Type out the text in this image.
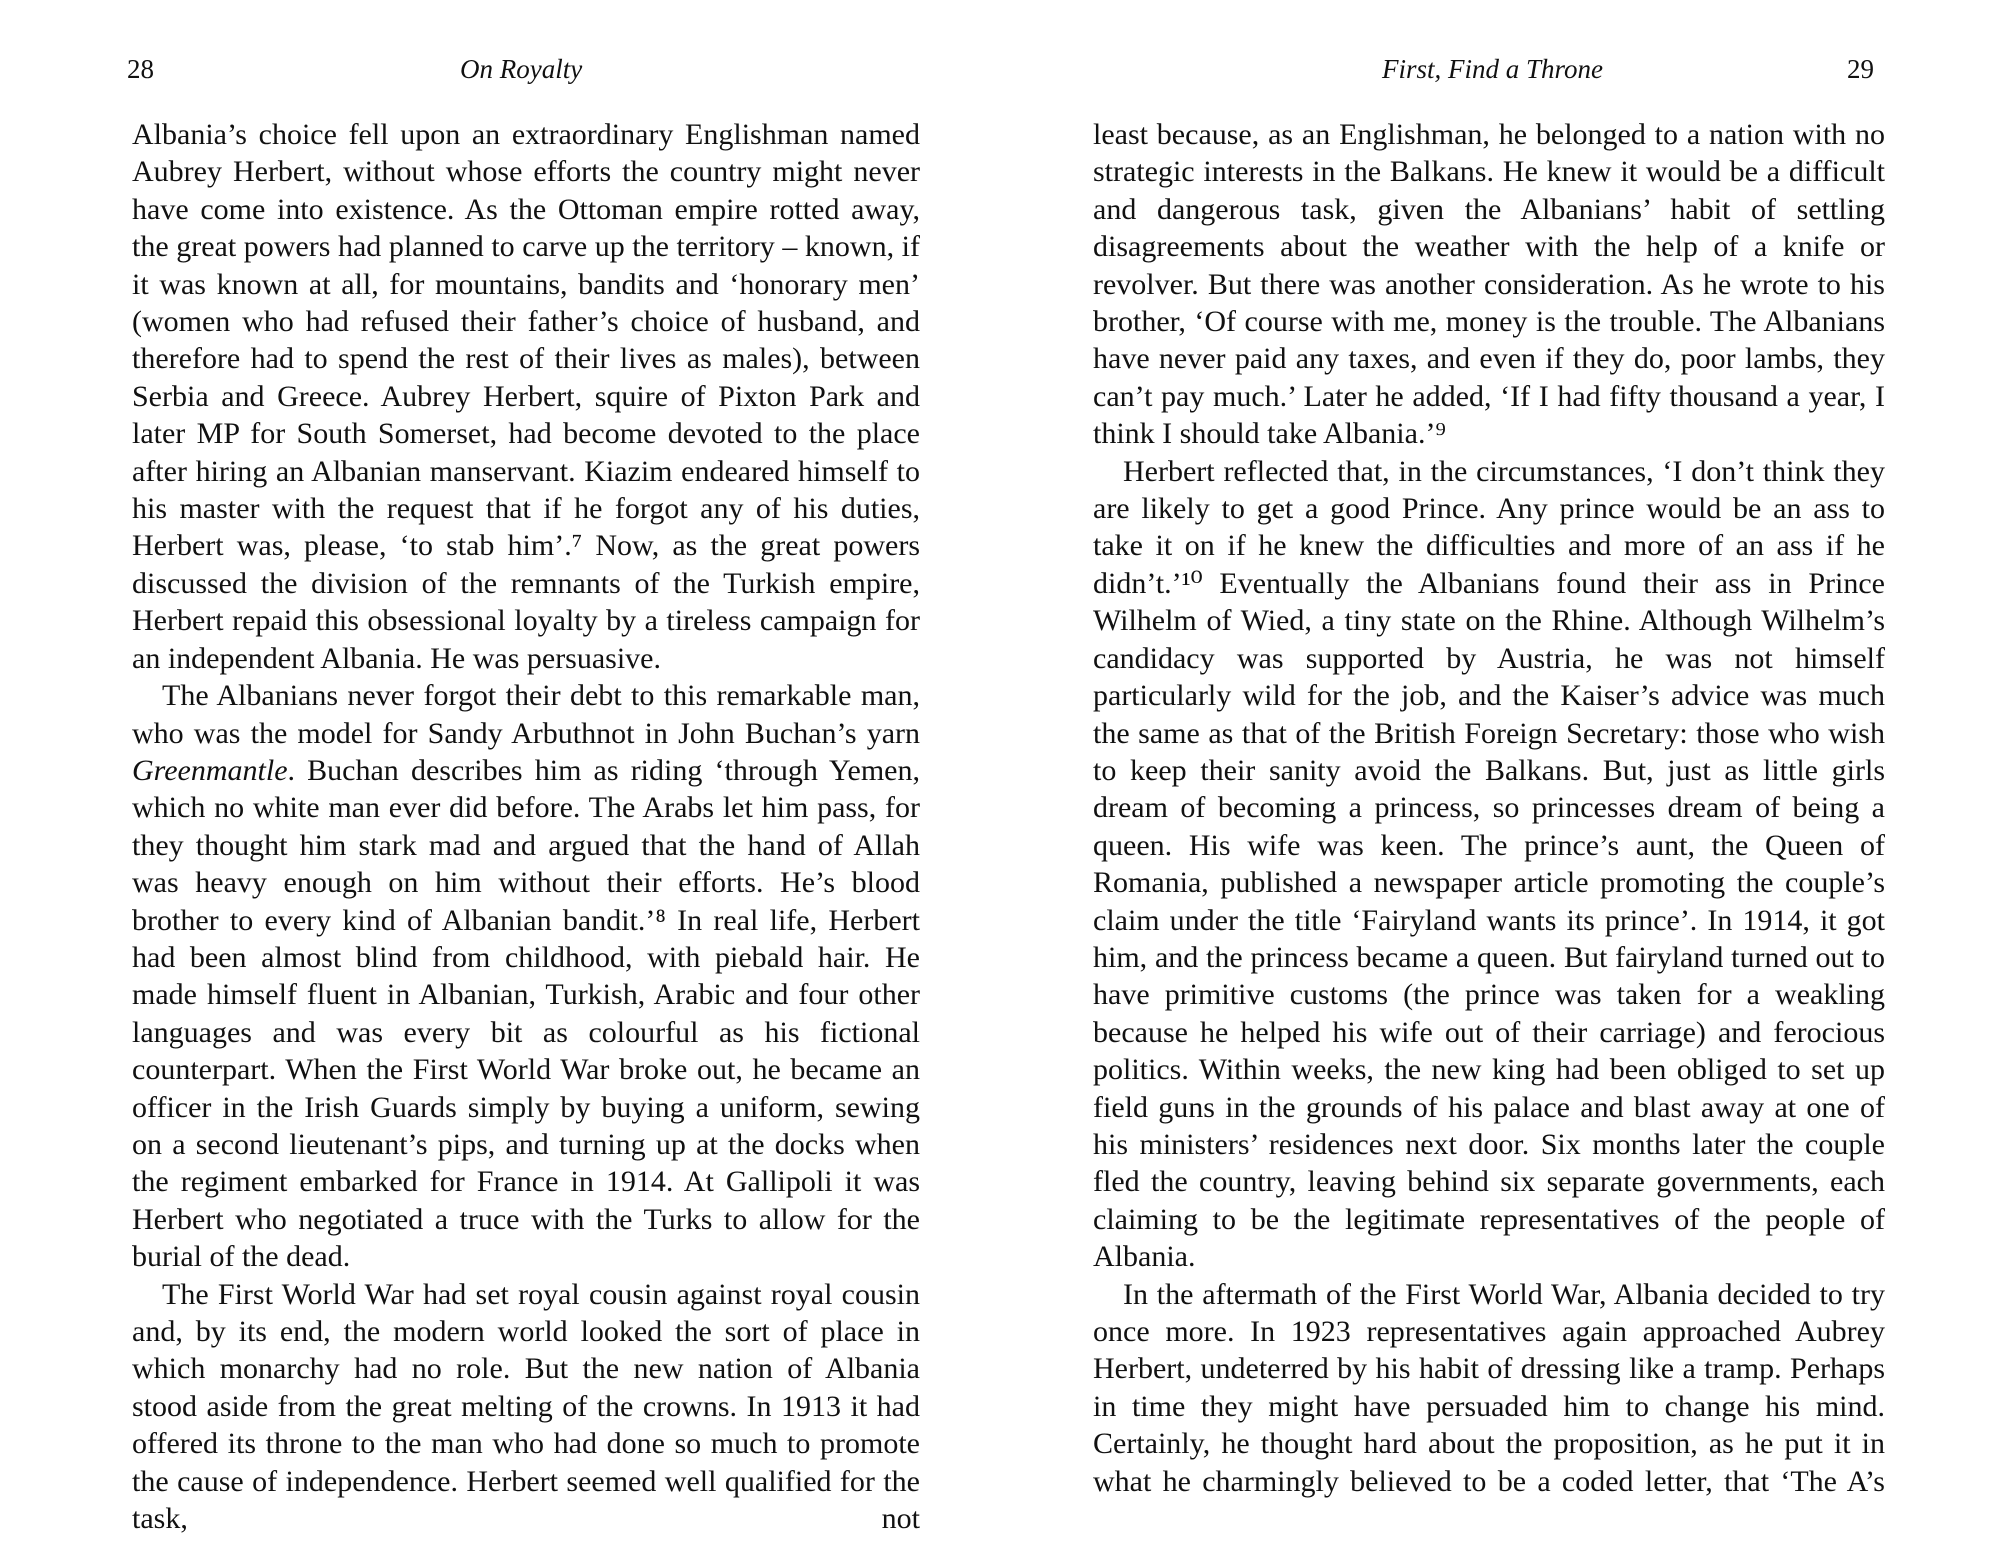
28	On Royalty

Albania’s choice fell upon an extraordinary Englishman named Aubrey Herbert, without whose efforts the country might never have come into existence. As the Ottoman empire rotted away, the great powers had planned to carve up the territory – known, if it was known at all, for mountains, bandits and ‘honorary men’ (women who had refused their father’s choice of husband, and therefore had to spend the rest of their lives as males), between Serbia and Greece. Aubrey Herbert, squire of Pixton Park and later MP for South Somerset, had become devoted to the place after hiring an Albanian manservant. Kiazim endeared himself to his master with the request that if he forgot any of his duties, Herbert was, please, ‘to stab him’.⁷ Now, as the great powers discussed the division of the remnants of the Turkish empire, Herbert repaid this obsessional loyalty by a tireless campaign for an independent Albania. He was persuasive.

The Albanians never forgot their debt to this remarkable man, who was the model for Sandy Arbuthnot in John Buchan’s yarn Greenmantle. Buchan describes him as riding ‘through Yemen, which no white man ever did before. The Arabs let him pass, for they thought him stark mad and argued that the hand of Allah was heavy enough on him without their efforts. He’s blood brother to every kind of Albanian bandit.’⁸ In real life, Herbert had been almost blind from childhood, with piebald hair. He made himself fluent in Albanian, Turkish, Arabic and four other languages and was every bit as colourful as his fictional counterpart. When the First World War broke out, he became an officer in the Irish Guards simply by buying a uniform, sewing on a second lieutenant’s pips, and turning up at the docks when the regiment embarked for France in 1914. At Gallipoli it was Herbert who negotiated a truce with the Turks to allow for the burial of the dead.

The First World War had set royal cousin against royal cousin and, by its end, the modern world looked the sort of place in which monarchy had no role. But the new nation of Albania stood aside from the great melting of the crowns. In 1913 it had offered its throne to the man who had done so much to promote the cause of independence. Herbert seemed well qualified for the task, not

First, Find a Throne	29

least because, as an Englishman, he belonged to a nation with no strategic interests in the Balkans. He knew it would be a difficult and dangerous task, given the Albanians’ habit of settling disagreements about the weather with the help of a knife or revolver. But there was another consideration. As he wrote to his brother, ‘Of course with me, money is the trouble. The Albanians have never paid any taxes, and even if they do, poor lambs, they can’t pay much.’ Later he added, ‘If I had fifty thousand a year, I think I should take Albania.’⁹

Herbert reflected that, in the circumstances, ‘I don’t think they are likely to get a good Prince. Any prince would be an ass to take it on if he knew the difficulties and more of an ass if he didn’t.’¹⁰ Eventually the Albanians found their ass in Prince Wilhelm of Wied, a tiny state on the Rhine. Although Wilhelm’s candidacy was supported by Austria, he was not himself particularly wild for the job, and the Kaiser’s advice was much the same as that of the British Foreign Secretary: those who wish to keep their sanity avoid the Balkans. But, just as little girls dream of becoming a princess, so princesses dream of being a queen. His wife was keen. The prince’s aunt, the Queen of Romania, published a newspaper article promoting the couple’s claim under the title ‘Fairyland wants its prince’. In 1914, it got him, and the princess became a queen. But fairyland turned out to have primitive customs (the prince was taken for a weakling because he helped his wife out of their carriage) and ferocious politics. Within weeks, the new king had been obliged to set up field guns in the grounds of his palace and blast away at one of his ministers’ residences next door. Six months later the couple fled the country, leaving behind six separate governments, each claiming to be the legitimate representatives of the people of Albania.

In the aftermath of the First World War, Albania decided to try once more. In 1923 representatives again approached Aubrey Herbert, undeterred by his habit of dressing like a tramp. Perhaps in time they might have persuaded him to change his mind. Certainly, he thought hard about the proposition, as he put it in what he charmingly believed to be a coded letter, that ‘The A’s
